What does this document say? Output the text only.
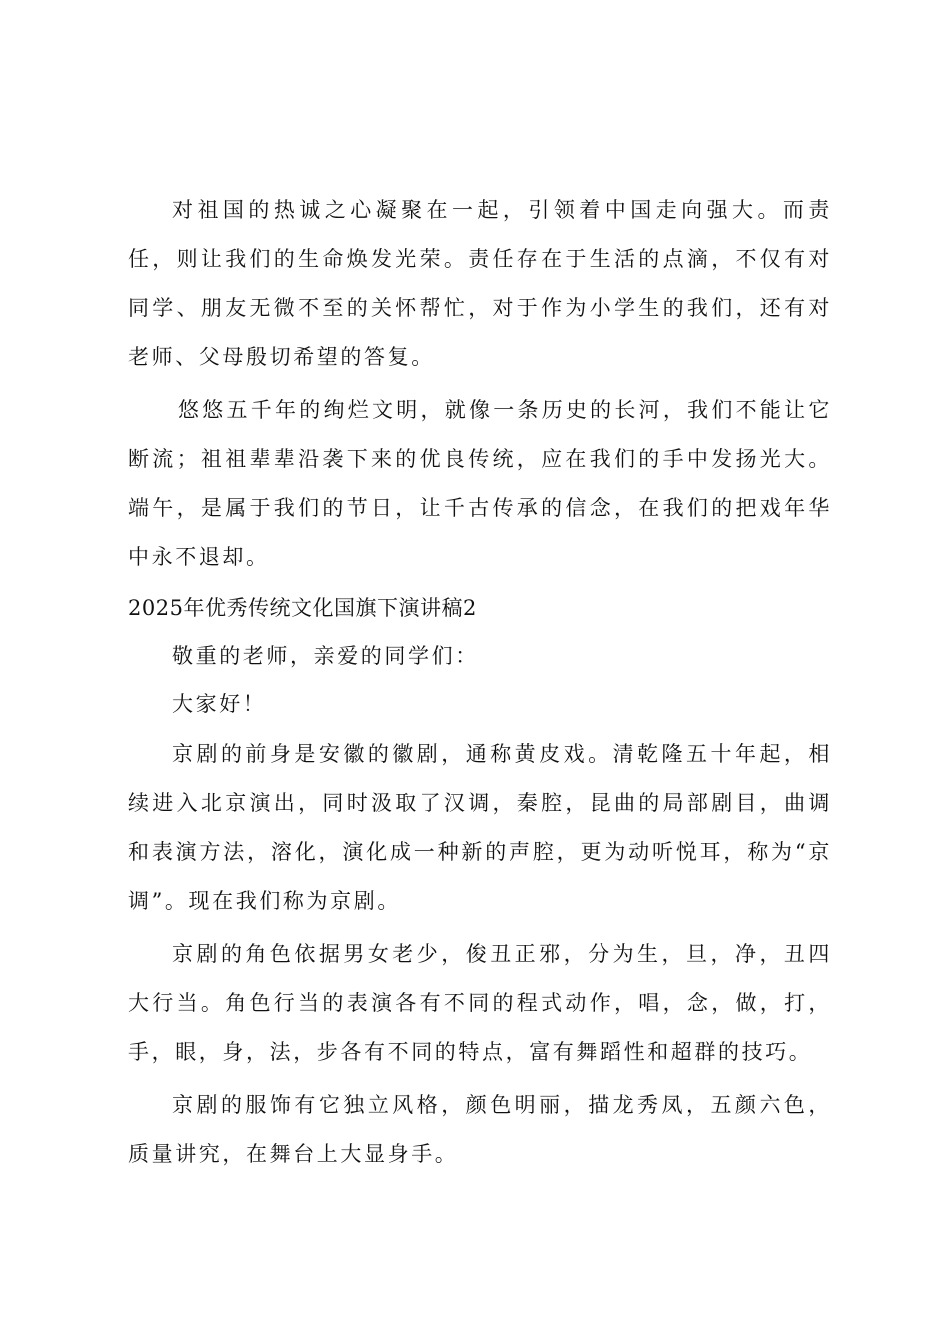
对祖国的热诚之心凝聚在一起，引领着中国走向强大。而责任，则让我们的生命焕发光荣。责任存在于生活的点滴，不仅有对同学、朋友无微不至的关怀帮忙，对于作为小学生的我们，还有对老师、父母殷切希望的答复。

悠悠五千年的绚烂文明，就像一条历史的长河，我们不能让它断流；祖祖辈辈沿袭下来的优良传统，应在我们的手中发扬光大。端午，是属于我们的节日，让千古传承的信念，在我们的把戏年华中永不退却。

2025年优秀传统文化国旗下演讲稿2

敬重的老师，亲爱的同学们：

大家好！

京剧的前身是安徽的徽剧，通称黄皮戏。清乾隆五十年起，相续进入北京演出，同时汲取了汉调，秦腔，昆曲的局部剧目，曲调和表演方法，溶化，演化成一种新的声腔，更为动听悦耳，称为“京调”。现在我们称为京剧。

京剧的角色依据男女老少，俊丑正邪，分为生，旦，净，丑四大行当。角色行当的表演各有不同的程式动作，唱，念，做，打，手，眼，身，法，步各有不同的特点，富有舞蹈性和超群的技巧。

京剧的服饰有它独立风格，颜色明丽，描龙秀凤，五颜六色，质量讲究，在舞台上大显身手。
